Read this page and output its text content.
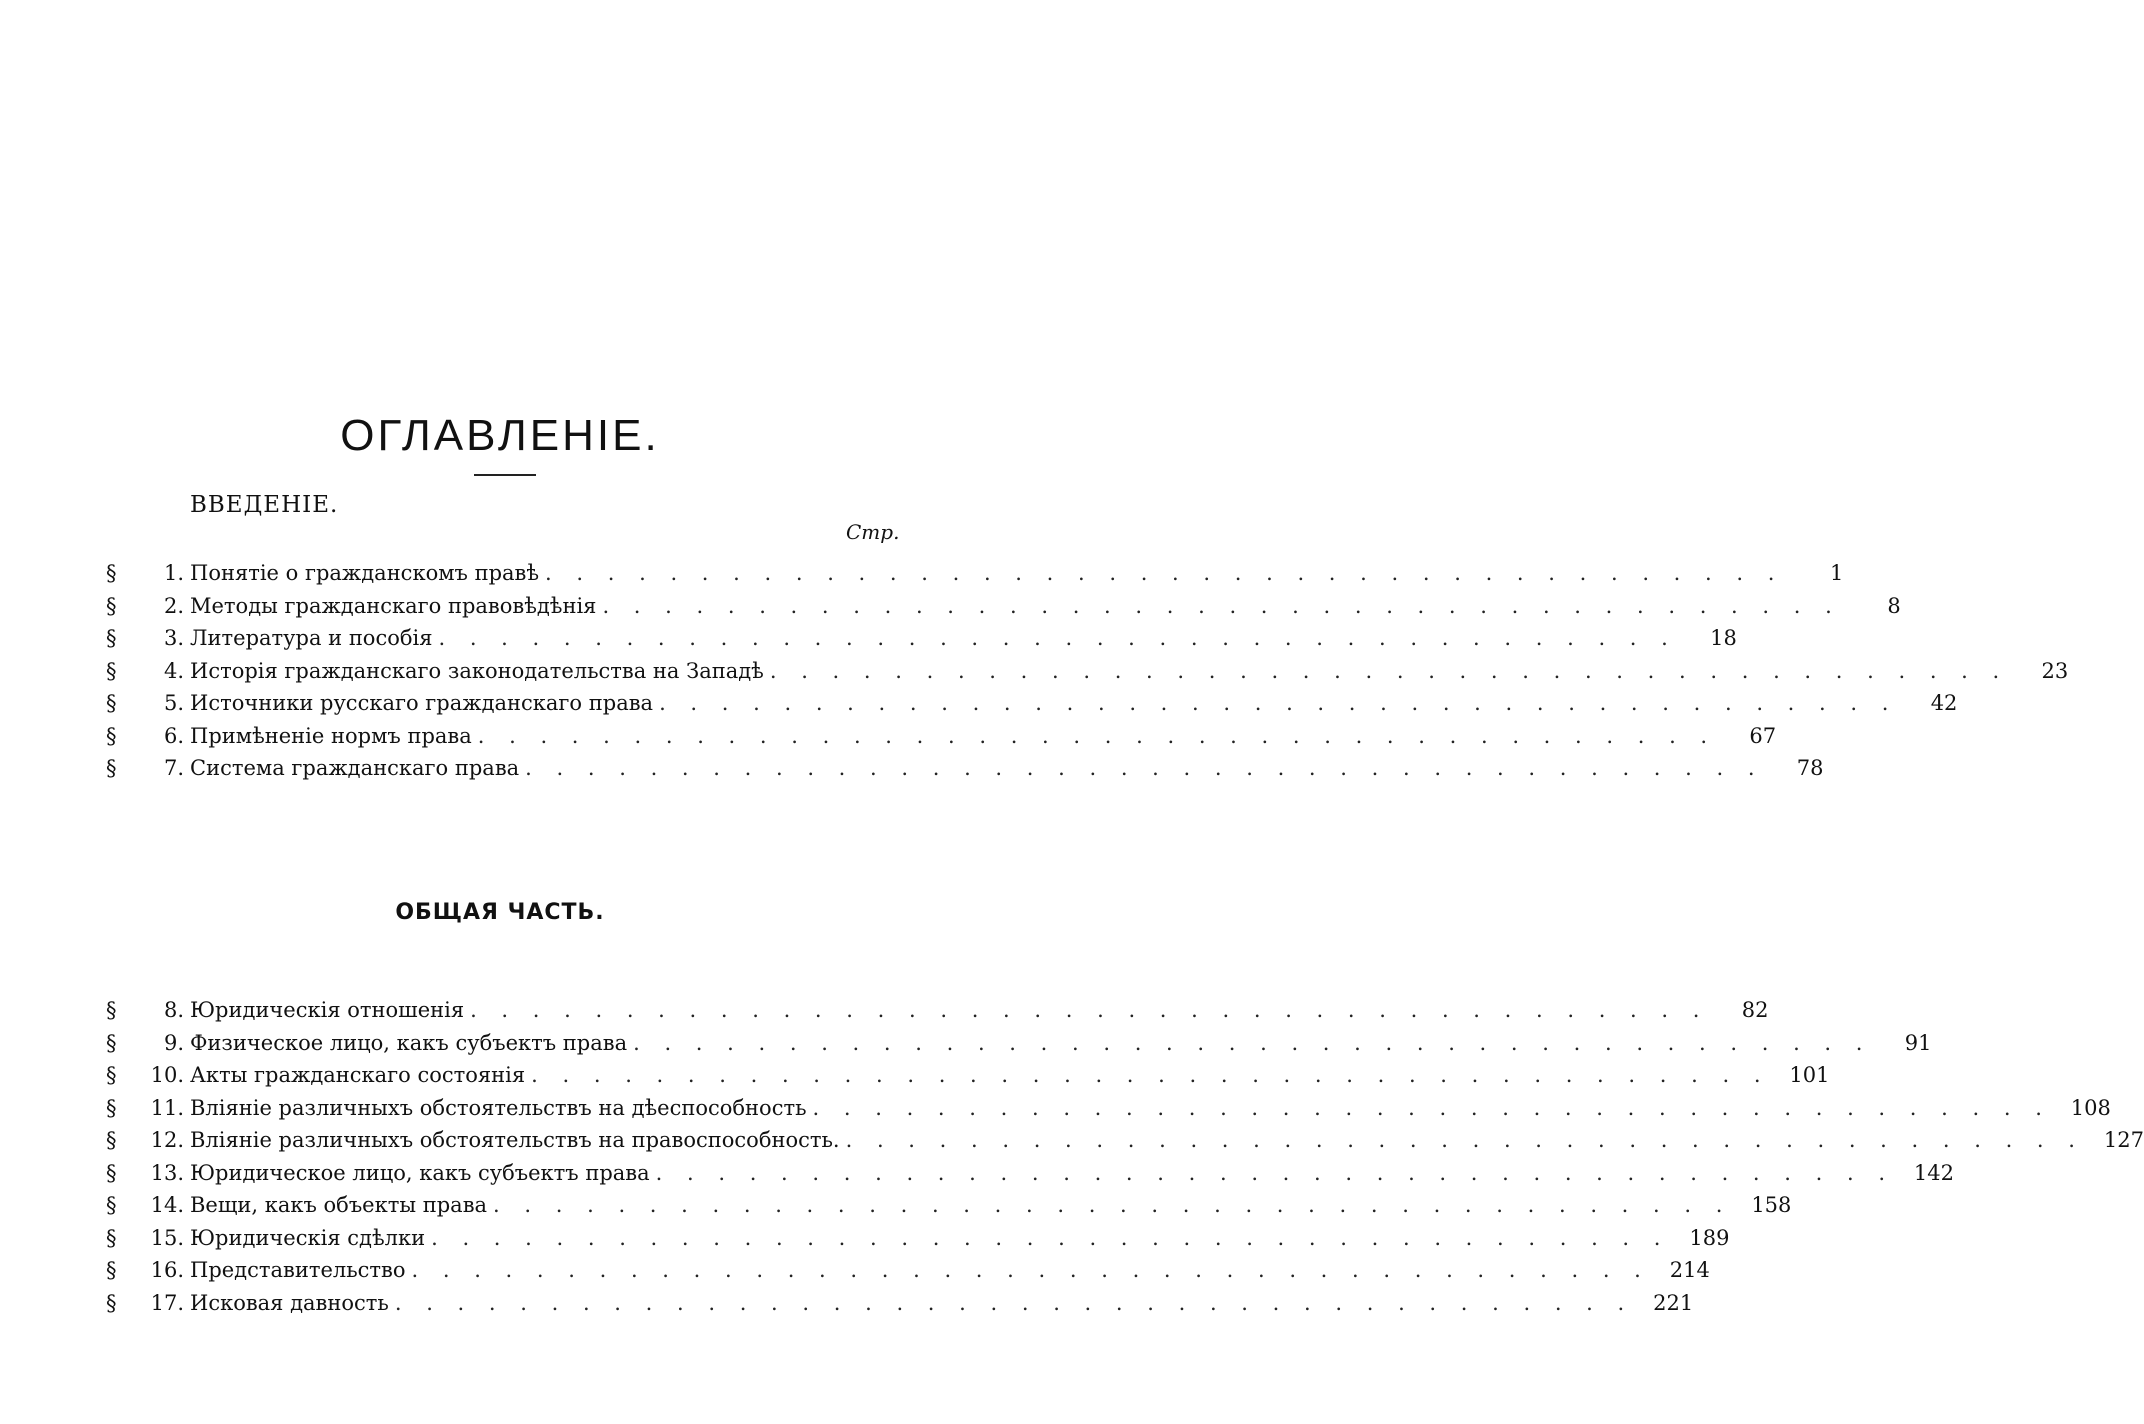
ОГЛАВЛЕНІЕ.
ВВЕДЕНІЕ.
Стр.
§	1. Понятіе о гражданскомъ правѣ . . .	1
§	2. Методы гражданскаго правовѣдѣнія . . .	8
§	3. Литература и пособія . . .	18
§	4. Исторія гражданскаго законодательства на Западѣ . . .	23
§	5. Источники русскаго гражданскаго права . . .	42
§	6. Примѣненіе нормъ права . . .	67
§	7. Система гражданскаго права . . .	78
ОБЩАЯ ЧАСТЬ.
§	8. Юридическія отношенія . . .	82
§	9. Физическое лицо, какъ субъектъ права . . .	91
§	10. Акты гражданскаго состоянія . . .	101
§	11. Вліяніе различныхъ обстоятельствъ на дѣеспособность . . .	108
§	12. Вліяніе различныхъ обстоятельствъ на правоспособность. . . .	127
§	13. Юридическое лицо, какъ субъектъ права . . .	142
§	14. Вещи, какъ объекты права . . .	158
§	15. Юридическія сдѣлки . . .	189
§	16. Представительство . . .	214
§	17. Исковая давность . . .	221
